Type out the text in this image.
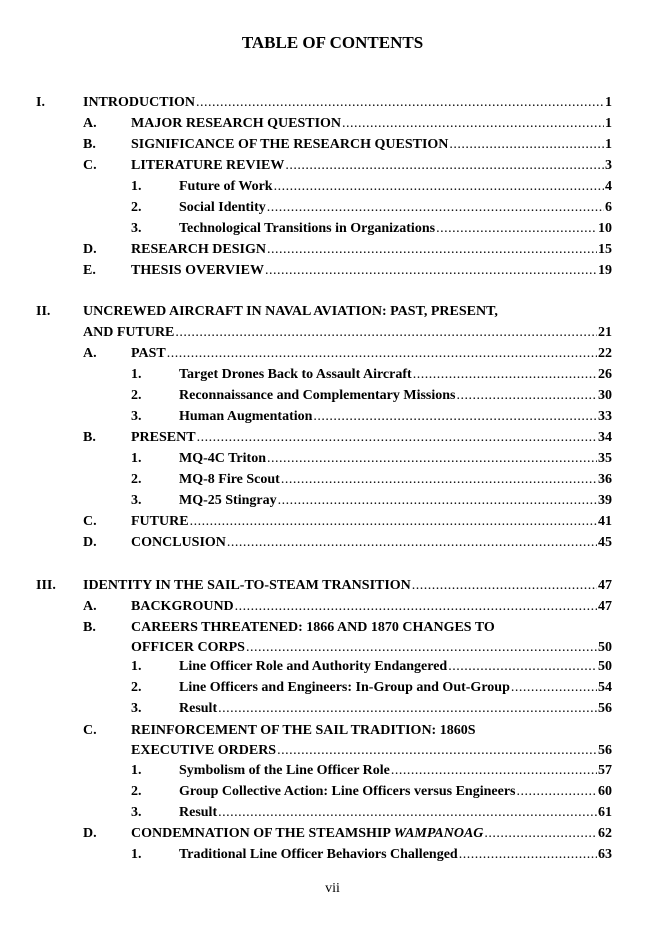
TABLE OF CONTENTS
I.	INTRODUCTION .....	1
A. MAJOR RESEARCH QUESTION .....	1
B.	SIGNIFICANCE OF THE RESEARCH QUESTION .....	1
C. LITERATURE REVIEW .....	3
1.	Future of Work .....	4
2.	Social Identity .....	6
3.	Technological Transitions in Organizations .....	10
D. RESEARCH DESIGN .....	15
E.	THESIS OVERVIEW .....	19
II. UNCREWED AIRCRAFT IN NAVAL AVIATION: PAST, PRESENT,
AND FUTURE .....	21
A. PAST .....	22
1.	Target Drones Back to Assault Aircraft .....	26
2.	Reconnaissance and Complementary Missions .....	30
3.	Human Augmentation .....	33
B.	PRESENT .....	34
1.	MQ-4C Triton .....	35
2.	MQ-8 Fire Scout .....	36
3.	MQ-25 Stingray .....	39
C. FUTURE .....	41
D. CONCLUSION .....	45
III. IDENTITY IN THE SAIL-TO-STEAM TRANSITION .....	47
A. BACKGROUND .....	47
B.	CAREERS THREATENED: 1866 AND 1870 CHANGES TO
OFFICER CORPS .....	50
1.	Line Officer Role and Authority Endangered .....	50
2.	Line Officers and Engineers: In-Group and Out-Group .....	54
3.	Result .....	56
C. REINFORCEMENT OF THE SAIL TRADITION: 1860S
EXECUTIVE ORDERS .....	56
1.	Symbolism of the Line Officer Role .....	57
2.	Group Collective Action: Line Officers versus Engineers .....	60
3.	Result .....	61
D. CONDEMNATION OF THE STEAMSHIP WAMPANOAG .....	62
1.	Traditional Line Officer Behaviors Challenged .....	63
vii
